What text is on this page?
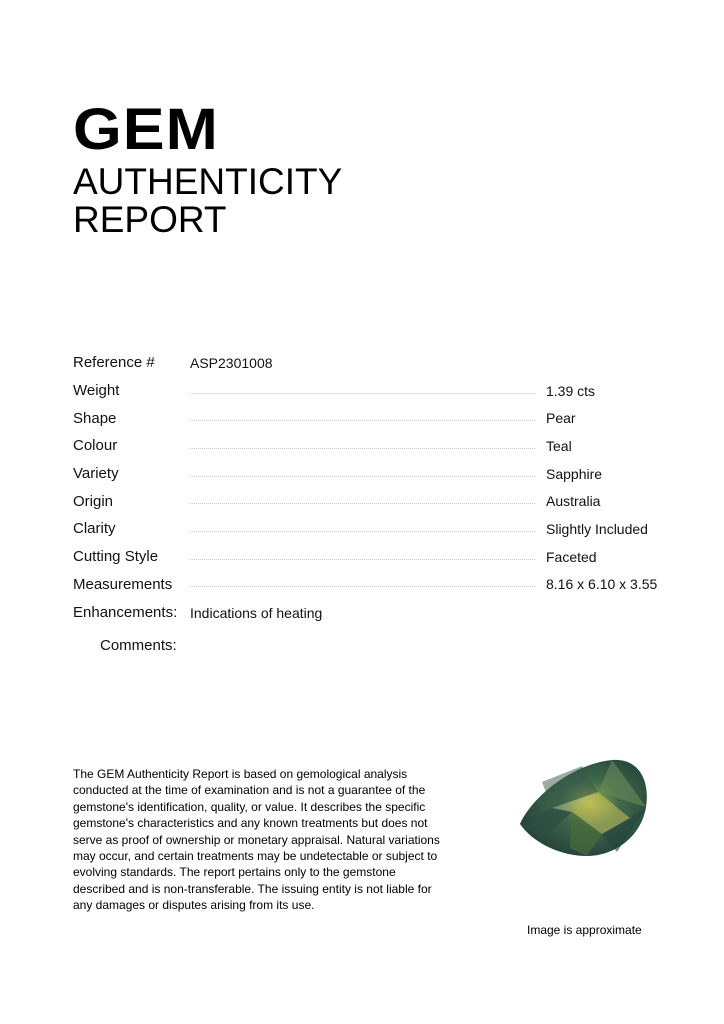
GEM
AUTHENTICITY
REPORT
Reference #	ASP2301008
Weight	1.39 cts
Shape	Pear
Colour	Teal
Variety	Sapphire
Origin	Australia
Clarity	Slightly Included
Cutting Style	Faceted
Measurements	8.16 x 6.10 x 3.55
Enhancements: Indications of heating
Comments:
The GEM Authenticity Report is based on gemological analysis conducted at the time of examination and is not a guarantee of the gemstone's identification, quality, or value. It describes the specific gemstone's characteristics and any known treatments but does not serve as proof of ownership or monetary appraisal. Natural variations may occur, and certain treatments may be undetectable or subject to evolving standards. The report pertains only to the gemstone described and is non-transferable. The issuing entity is not liable for any damages or disputes arising from its use.
Image is approximate
